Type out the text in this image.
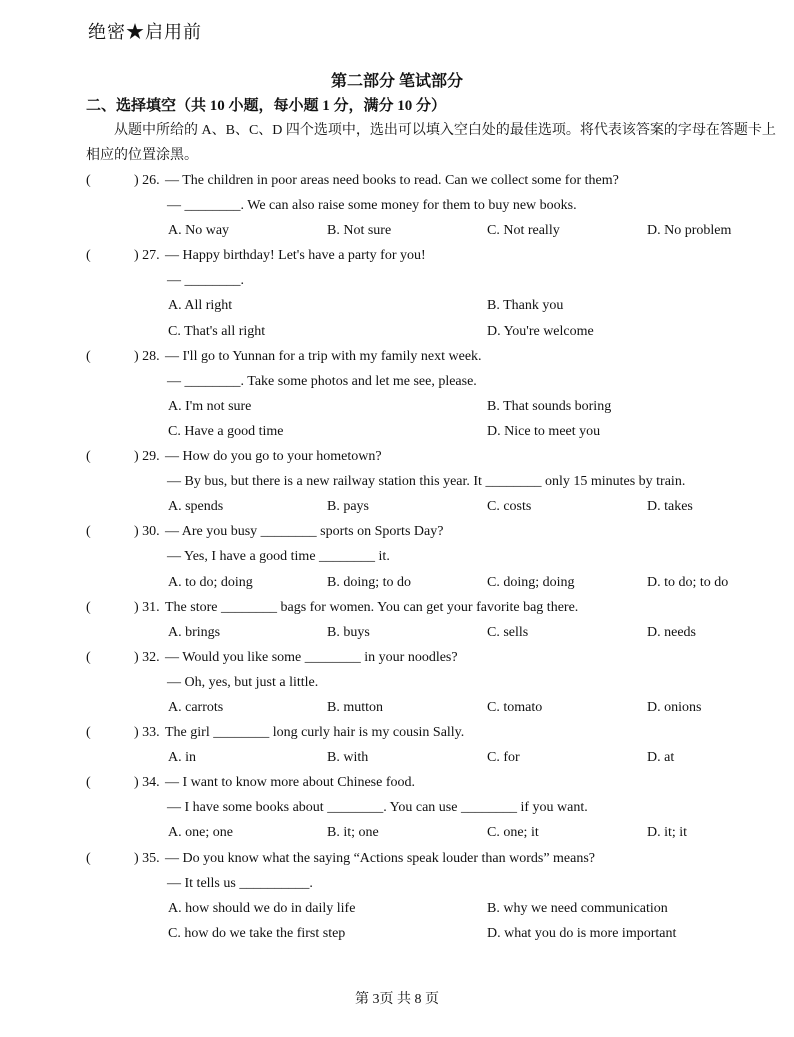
绝密★启用前
第二部分 笔试部分
二、选择填空（共 10 小题，每小题 1 分，满分 10 分）
从题中所给的 A、B、C、D 四个选项中，选出可以填入空白处的最佳选项。将代表该答案的字母在答题卡上相应的位置涂黑。
(	) 26. — The children in poor areas need books to read. Can we collect some for them?
— ________. We can also raise some money for them to buy new books.
A. No way	B. Not sure	C. Not really	D. No problem
(	) 27. — Happy birthday! Let's have a party for you!
— ________.
A. All right	B. Thank you
C. That's all right	D. You're welcome
(	) 28. — I'll go to Yunnan for a trip with my family next week.
— ________. Take some photos and let me see, please.
A. I'm not sure	B. That sounds boring
C. Have a good time	D. Nice to meet you
(	) 29. — How do you go to your hometown?
— By bus, but there is a new railway station this year. It ________ only 15 minutes by train.
A. spends	B. pays	C. costs	D. takes
(	) 30. — Are you busy ________ sports on Sports Day?
— Yes, I have a good time ________ it.
A. to do; doing	B. doing; to do	C. doing; doing	D. to do; to do
(	) 31. The store ________ bags for women. You can get your favorite bag there.
A. brings	B. buys	C. sells	D. needs
(	) 32. — Would you like some ________ in your noodles?
— Oh, yes, but just a little.
A. carrots	B. mutton	C. tomato	D. onions
(	) 33. The girl ________ long curly hair is my cousin Sally.
A. in	B. with	C. for	D. at
(	) 34. — I want to know more about Chinese food.
— I have some books about ________. You can use ________ if you want.
A. one; one	B. it; one	C. one; it	D. it; it
(	) 35. — Do you know what the saying “Actions speak louder than words” means?
— It tells us __________.
A. how should we do in daily life	B. why we need communication
C. how do we take the first step	D. what you do is more important
第 3页 共 8 页
